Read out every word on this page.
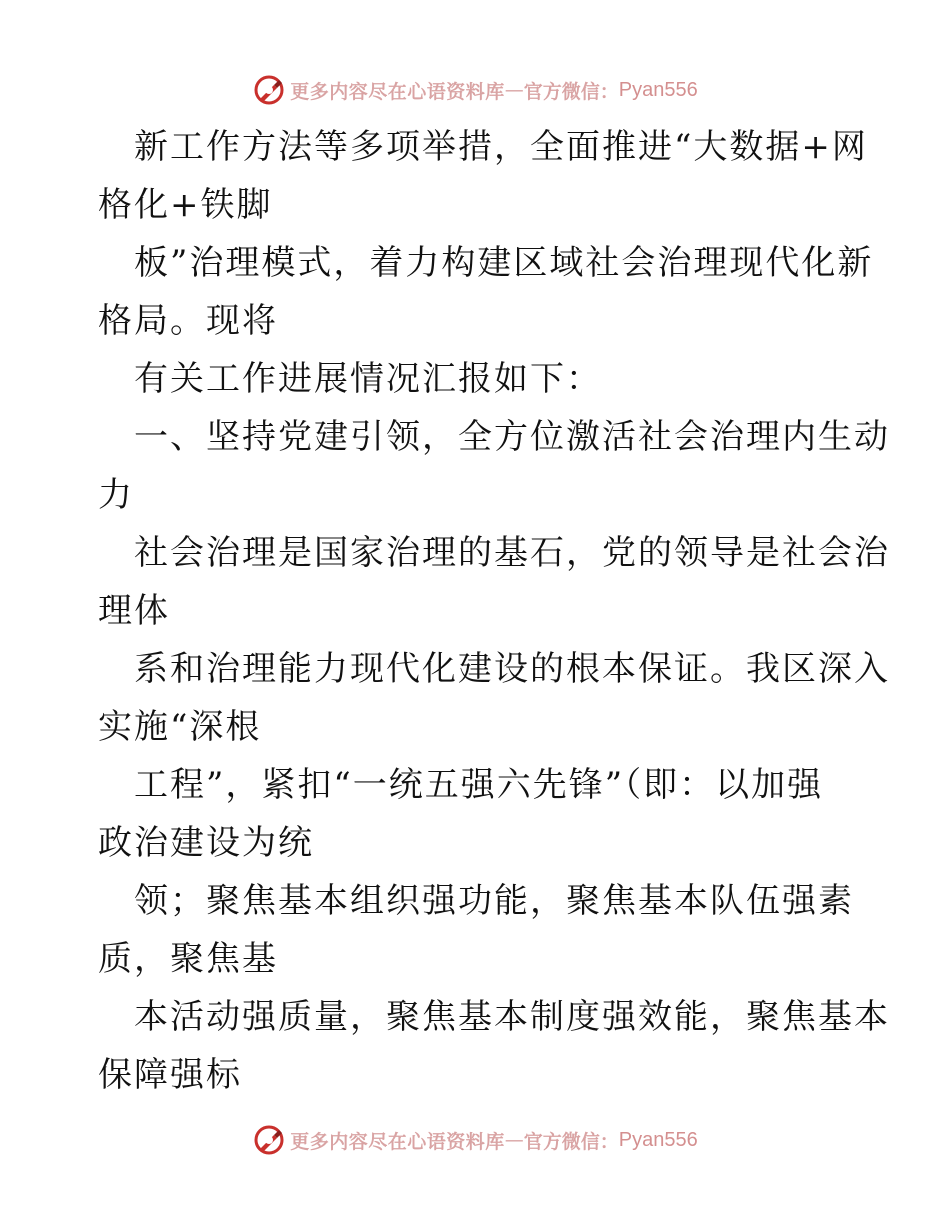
更多内容尽在心语资料库 — 官方微信： Pyan556
新工作方法等多项举措，全面推进“大数据+网
格化+铁脚
板”治理模式，着力构建区域社会治理现代化新
格局。现将
有关工作进展情况汇报如下：
一、坚持党建引领，全方位激活社会治理内生动
力
社会治理是国家治理的基石，党的领导是社会治
理体
系和治理能力现代化建设的根本保证。我区深入
实施“深根
工程”，紧扣“一统五强六先锋”（即：以加强
政治建设为统
领；聚焦基本组织强功能，聚焦基本队伍强素
质，聚焦基
本活动强质量，聚焦基本制度强效能，聚焦基本
保障强标
更多内容尽在心语资料库 — 官方微信： Pyan556
